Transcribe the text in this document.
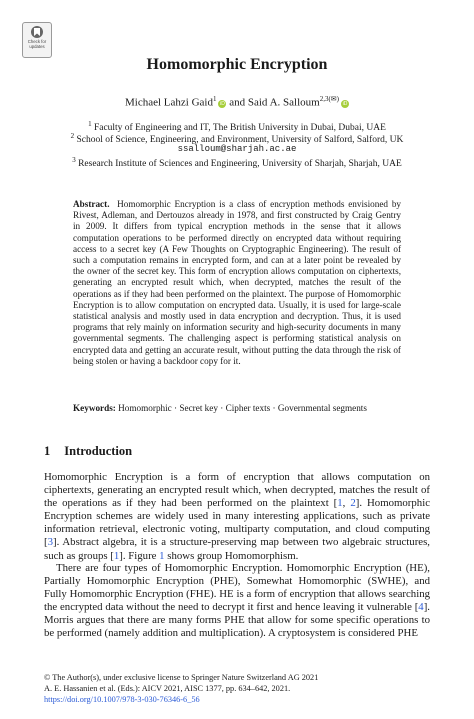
Check for
updates
Homomorphic Encryption
Michael Lahzi Gaid$^1$iD and Said A. Salloum$^{2,3(✉)}$iD
$^1$ Faculty of Engineering and IT, The British University in Dubai, Dubai, UAE
$^2$ School of Science, Engineering, and Environment, University of Salford, Salford, UK
ssalloum@sharjah.ac.ae
$^3$ Research Institute of Sciences and Engineering, University of Sharjah, Sharjah, UAE

Abstract. Homomorphic Encryption is a class of encryption methods envisioned by Rivest, Adleman, and Dertouzos already in 1978, and first constructed by Craig Gentry in 2009. It differs from typical encryption methods in the sense that it allows computation operations to be performed directly on encrypted data without requiring access to a secret key (A Few Thoughts on Cryptographic Engineering). The result of such a computation remains in encrypted form, and can at a later point be revealed by the owner of the secret key. This form of encryption allows computation on ciphertexts, generating an encrypted result which, when decrypted, matches the result of the operations as if they had been performed on the plaintext. The purpose of Homomorphic Encryption is to allow computation on encrypted data. Usually, it is used for large-scale statistical analysis and mostly used in data encryption and decryption. Thus, it is used programs that rely mainly on information security and high-security documents in many governmental segments. The challenging aspect is performing statistical analysis on encrypted data and getting an accurate result, without putting the data through the risk of being stolen or having a backdoor copy for it.

Keywords: Homomorphic · Secret key · Cipher texts · Governmental segments
1 Introduction

Homomorphic Encryption is a form of encryption that allows computation on ciphertexts, generating an encrypted result which, when decrypted, matches the result of the operations as if they had been performed on the plaintext [1, 2]. Homomorphic Encryption schemes are widely used in many interesting applications, such as private information retrieval, electronic voting, multiparty computation, and cloud computing [3]. Abstract algebra, it is a structure-preserving map between two algebraic structures, such as groups [1]. Figure 1 shows group Homomorphism.

There are four types of Homomorphic Encryption. Homomorphic Encryption (HE), Partially Homomorphic Encryption (PHE), Somewhat Homomorphic (SWHE), and Fully Homomorphic Encryption (FHE). HE is a form of encryption that allows searching the encrypted data without the need to decrypt it first and hence leaving it vulnerable [4]. Morris argues that there are many forms PHE that allow for some specific operations to be performed (namely addition and multiplication). A cryptosystem is considered PHE

© The Author(s), under exclusive license to Springer Nature Switzerland AG 2021
A. E. Hassanien et al. (Eds.): AICV 2021, AISC 1377, pp. 634–642, 2021.
https://doi.org/10.1007/978-3-030-76346-6_56
